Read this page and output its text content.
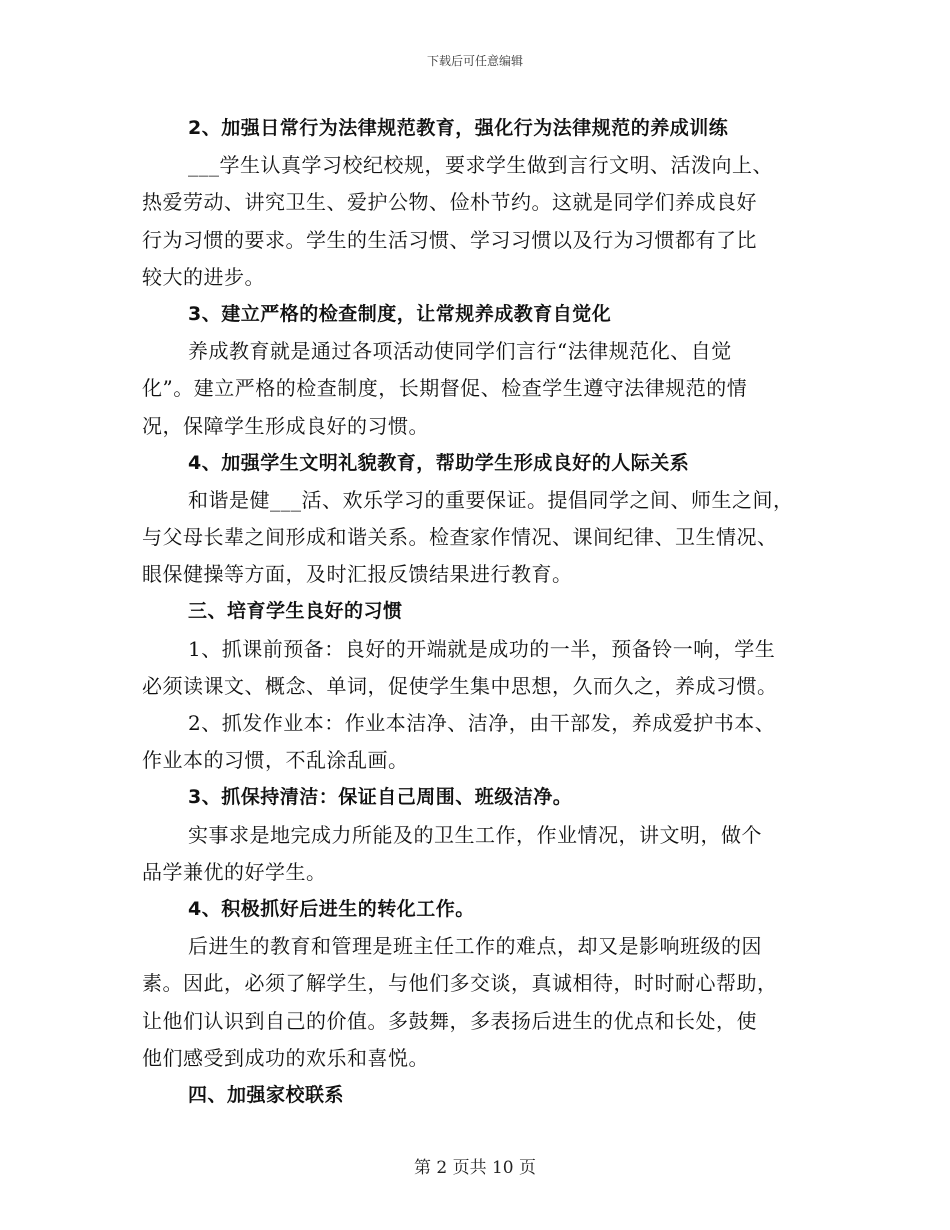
下载后可任意编辑
2、加强日常行为法律规范教育，强化行为法律规范的养成训练
___学生认真学习校纪校规，要求学生做到言行文明、活泼向上、
热爱劳动、讲究卫生、爱护公物、俭朴节约。这就是同学们养成良好
行为习惯的要求。学生的生活习惯、学习习惯以及行为习惯都有了比
较大的进步。
3、建立严格的检查制度，让常规养成教育自觉化
养成教育就是通过各项活动使同学们言行“法律规范化、自觉
化”。建立严格的检查制度，长期督促、检查学生遵守法律规范的情
况，保障学生形成良好的习惯。
4、加强学生文明礼貌教育，帮助学生形成良好的人际关系
和谐是健___活、欢乐学习的重要保证。提倡同学之间、师生之间，
与父母长辈之间形成和谐关系。检查家作情况、课间纪律、卫生情况、
眼保健操等方面，及时汇报反馈结果进行教育。
三、培育学生良好的习惯
1、抓课前预备：良好的开端就是成功的一半，预备铃一响，学生
必须读课文、概念、单词，促使学生集中思想，久而久之，养成习惯。
2、抓发作业本：作业本洁净、洁净，由干部发，养成爱护书本、
作业本的习惯，不乱涂乱画。
3、抓保持清洁：保证自己周围、班级洁净。
实事求是地完成力所能及的卫生工作，作业情况，讲文明，做个
品学兼优的好学生。
4、积极抓好后进生的转化工作。
后进生的教育和管理是班主任工作的难点，却又是影响班级的因
素。因此，必须了解学生，与他们多交谈，真诚相待，时时耐心帮助，
让他们认识到自己的价值。多鼓舞，多表扬后进生的优点和长处，使
他们感受到成功的欢乐和喜悦。
四、加强家校联系
第 2 页共 10 页
